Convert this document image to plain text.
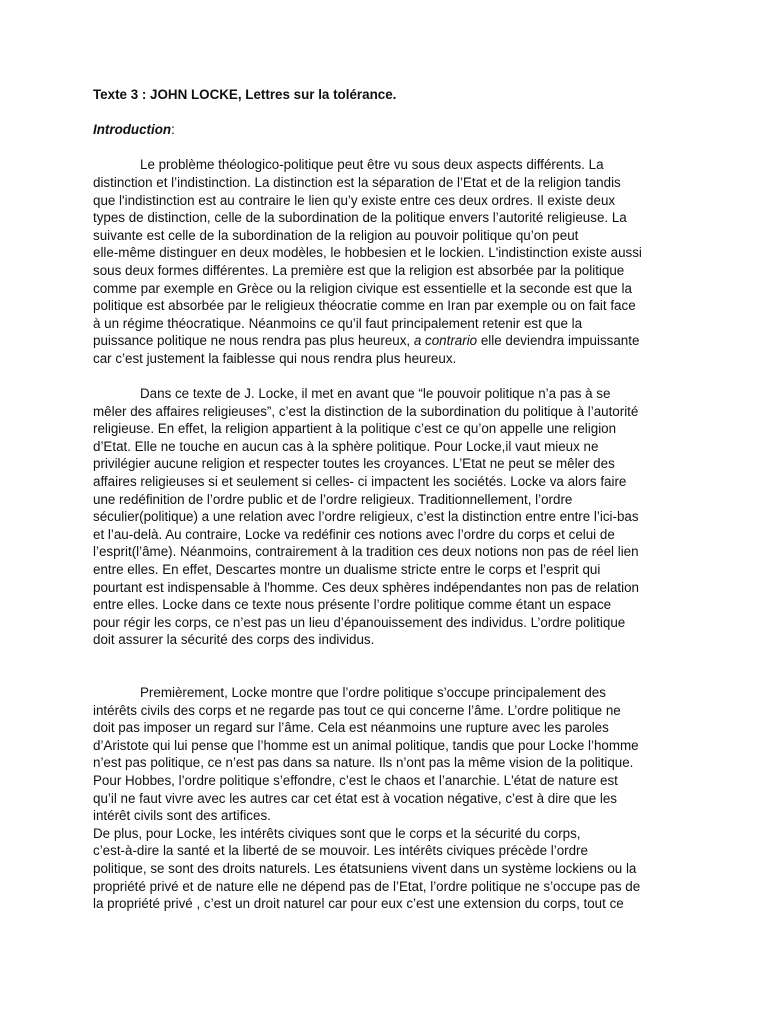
Texte 3 : JOHN LOCKE, Lettres sur la tolérance.
Introduction:
Le problème théologico-politique peut être vu sous deux aspects différents. La
distinction et l’indistinction. La distinction est la séparation de l’Etat et de la religion tandis
que l'indistinction est au contraire le lien qu’y existe entre ces deux ordres. Il existe deux
types de distinction, celle de la subordination de la politique envers l’autorité religieuse. La
suivante est celle de la subordination de la religion au pouvoir politique qu’on peut
elle-même distinguer en deux modèles, le hobbesien et le lockien. L'indistinction existe aussi
sous deux formes différentes. La première est que la religion est absorbée par la politique
comme par exemple en Grèce ou la religion civique est essentielle et la seconde est que la
politique est absorbée par le religieux théocratie comme en Iran par exemple ou on fait face
à un régime théocratique. Néanmoins ce qu’il faut principalement retenir est que la
puissance politique ne nous rendra pas plus heureux, a contrario elle deviendra impuissante
car c’est justement la faiblesse qui nous rendra plus heureux.
Dans ce texte de J. Locke, il met en avant que “le pouvoir politique n’a pas à se
mêler des affaires religieuses”, c’est la distinction de la subordination du politique à l’autorité
religieuse. En effet, la religion appartient à la politique c’est ce qu’on appelle une religion
d’Etat. Elle ne touche en aucun cas à la sphère politique. Pour Locke,il vaut mieux ne
privilégier aucune religion et respecter toutes les croyances. L’Etat ne peut se mêler des
affaires religieuses si et seulement si celles- ci impactent les sociétés. Locke va alors faire
une redéfinition de l’ordre public et de l’ordre religieux. Traditionnellement, l’ordre
séculier(politique) a une relation avec l’ordre religieux, c’est la distinction entre entre l’ici-bas
et l’au-delà. Au contraire, Locke va redéfinir ces notions avec l’ordre du corps et celui de
l’esprit(l’âme). Néanmoins, contrairement à la tradition ces deux notions non pas de réel lien
entre elles. En effet, Descartes montre un dualisme stricte entre le corps et l’esprit qui
pourtant est indispensable à l'homme. Ces deux sphères indépendantes non pas de relation
entre elles. Locke dans ce texte nous présente l’ordre politique comme étant un espace
pour régir les corps, ce n’est pas un lieu d’épanouissement des individus. L’ordre politique
doit assurer la sécurité des corps des individus.
Premièrement, Locke montre que l’ordre politique s’occupe principalement des
intérêts civils des corps et ne regarde pas tout ce qui concerne l’âme. L’ordre politique ne
doit pas imposer un regard sur l’âme. Cela est néanmoins une rupture avec les paroles
d’Aristote qui lui pense que l’homme est un animal politique, tandis que pour Locke l’homme
n’est pas politique, ce n’est pas dans sa nature. Ils n’ont pas la même vision de la politique.
Pour Hobbes, l’ordre politique s’effondre, c’est le chaos et l’anarchie. L'état de nature est
qu’il ne faut vivre avec les autres car cet état est à vocation négative, c’est à dire que les
intérêt civils sont des artifices.
De plus, pour Locke, les intérêts civiques sont que le corps et la sécurité du corps,
c’est-à-dire la santé et la liberté de se mouvoir. Les intérêts civiques précède l’ordre
politique, se sont des droits naturels. Les étatsuniens vivent dans un système lockiens ou la
propriété privé et de nature elle ne dépend pas de l’Etat, l’ordre politique ne s’occupe pas de
la propriété privé , c’est un droit naturel car pour eux c’est une extension du corps, tout ce
